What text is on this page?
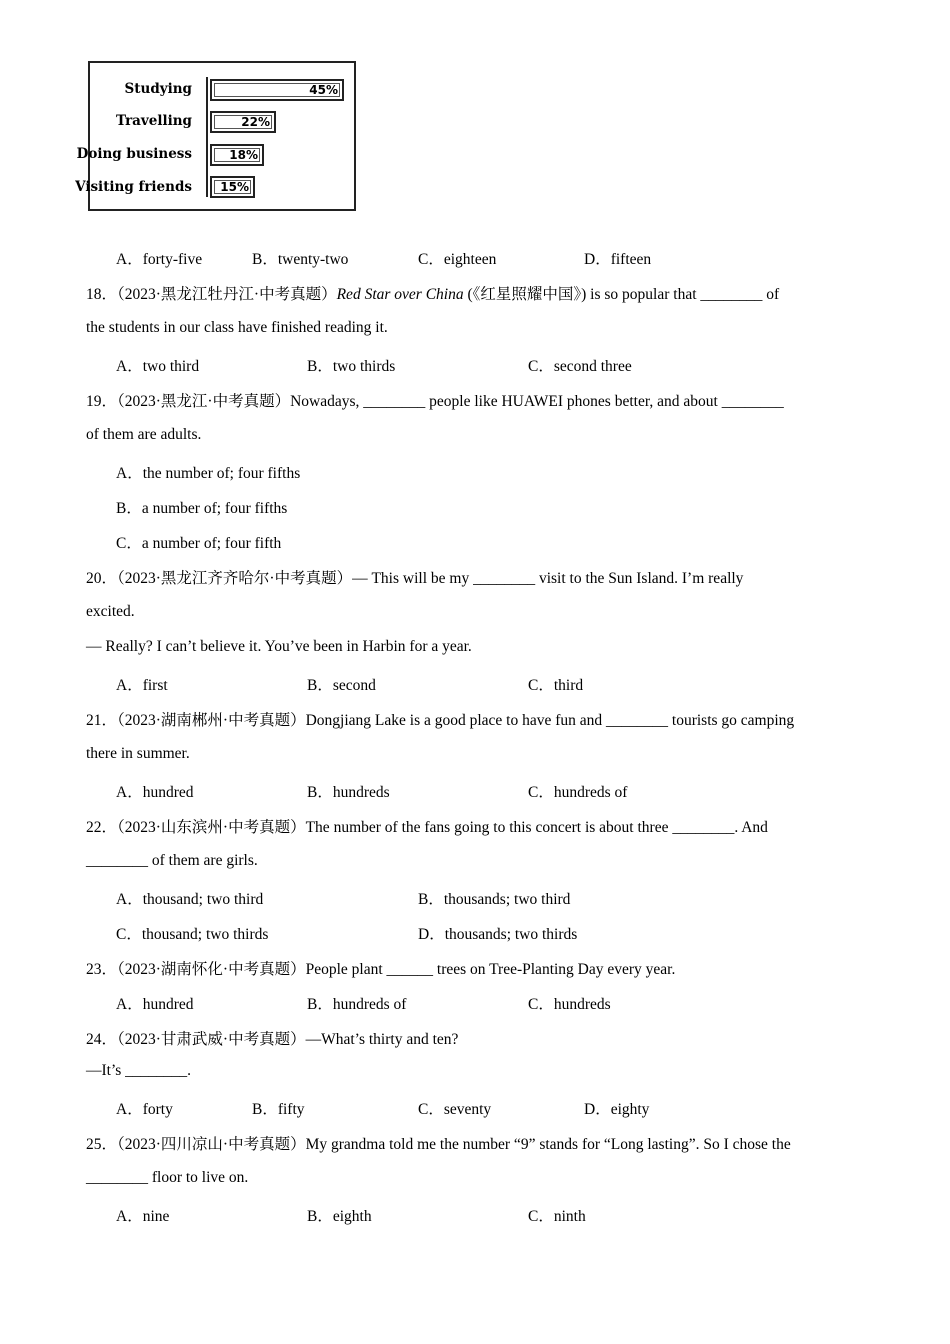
Studying
Travelling
Doing business
Visiting friends
45%
22%
18%
15%
A．forty-five	B．twenty-two	C．eighteen	D．fifteen
18．（2023·黑龙江牡丹江·中考真题）Red Star over China (《红星照耀中国》) is so popular that ________ of
the students in our class have finished reading it.
A．two third	B．two thirds	C．second three
19．（2023·黑龙江·中考真题）Nowadays, ________ people like HUAWEI phones better, and about ________
of them are adults.
A．the number of; four fifths
B．a number of; four fifths
C．a number of; four fifth
20．（2023·黑龙江齐齐哈尔·中考真题）— This will be my ________ visit to the Sun Island. I’m really
excited.
— Really? I can’t believe it. You’ve been in Harbin for a year.
A．first	B．second	C．third
21．（2023·湖南郴州·中考真题）Dongjiang Lake is a good place to have fun and ________ tourists go camping
there in summer.
A．hundred	B．hundreds	C．hundreds of
22．（2023·山东滨州·中考真题）The number of the fans going to this concert is about three ________. And
________ of them are girls.
A．thousand; two third	B．thousands; two third
C．thousand; two thirds	D．thousands; two thirds
23．（2023·湖南怀化·中考真题）People plant ______ trees on Tree-Planting Day every year.
A．hundred	B．hundreds of	C．hundreds
24．（2023·甘肃武威·中考真题）—What’s thirty and ten?
—It’s ________.
A．forty	B．fifty	C．seventy	D．eighty
25．（2023·四川凉山·中考真题）My grandma told me the number “9” stands for “Long lasting”. So I chose the
________ floor to live on.
A．nine	B．eighth	C．ninth
